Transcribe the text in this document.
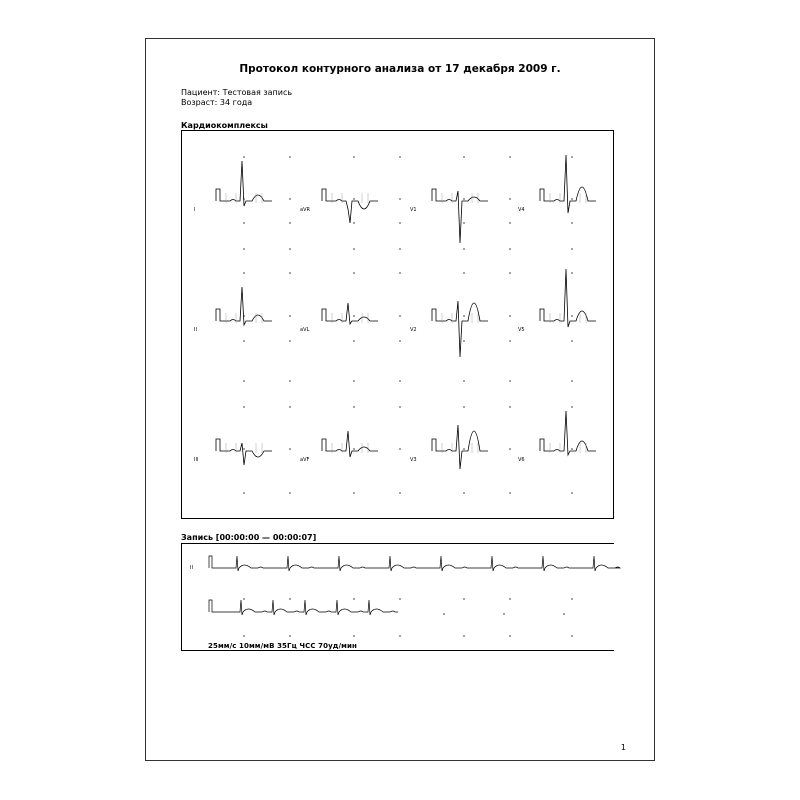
Протокол контурного анализа от 17 декабря 2009 г.
Пациент: Тестовая запись
Возраст: 34 года
Кардиокомплексы
I	aVR	V1	V4
II	aVL	V2	V5
III	aVF	V3	V6
Запись [00:00:00 — 00:00:07]
II
25мм/с 10мм/мВ 35Гц ЧСС 70уд/мин
1
